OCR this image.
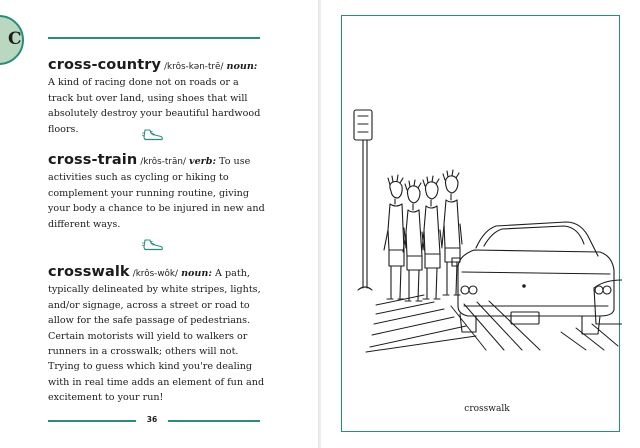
C
cross-country /krôs-kən-trē/ noun: A kind of racing done not on roads or a track but over land, using shoes that will absolutely destroy your beautiful hardwood floors.
cross-train /krôs-trān/ verb: To use activities such as cycling or hiking to complement your running routine, giving your body a chance to be injured in new and different ways.
crosswalk /krôs-wôk/ noun: A path, typically delineated by white stripes, lights, and/or signage, across a street or road to allow for the safe passage of pedestrians. Certain motorists will yield to walkers or runners in a crosswalk; others will not. Trying to guess which kind you're dealing with in real time adds an element of fun and excitement to your run!
36
crosswalk
